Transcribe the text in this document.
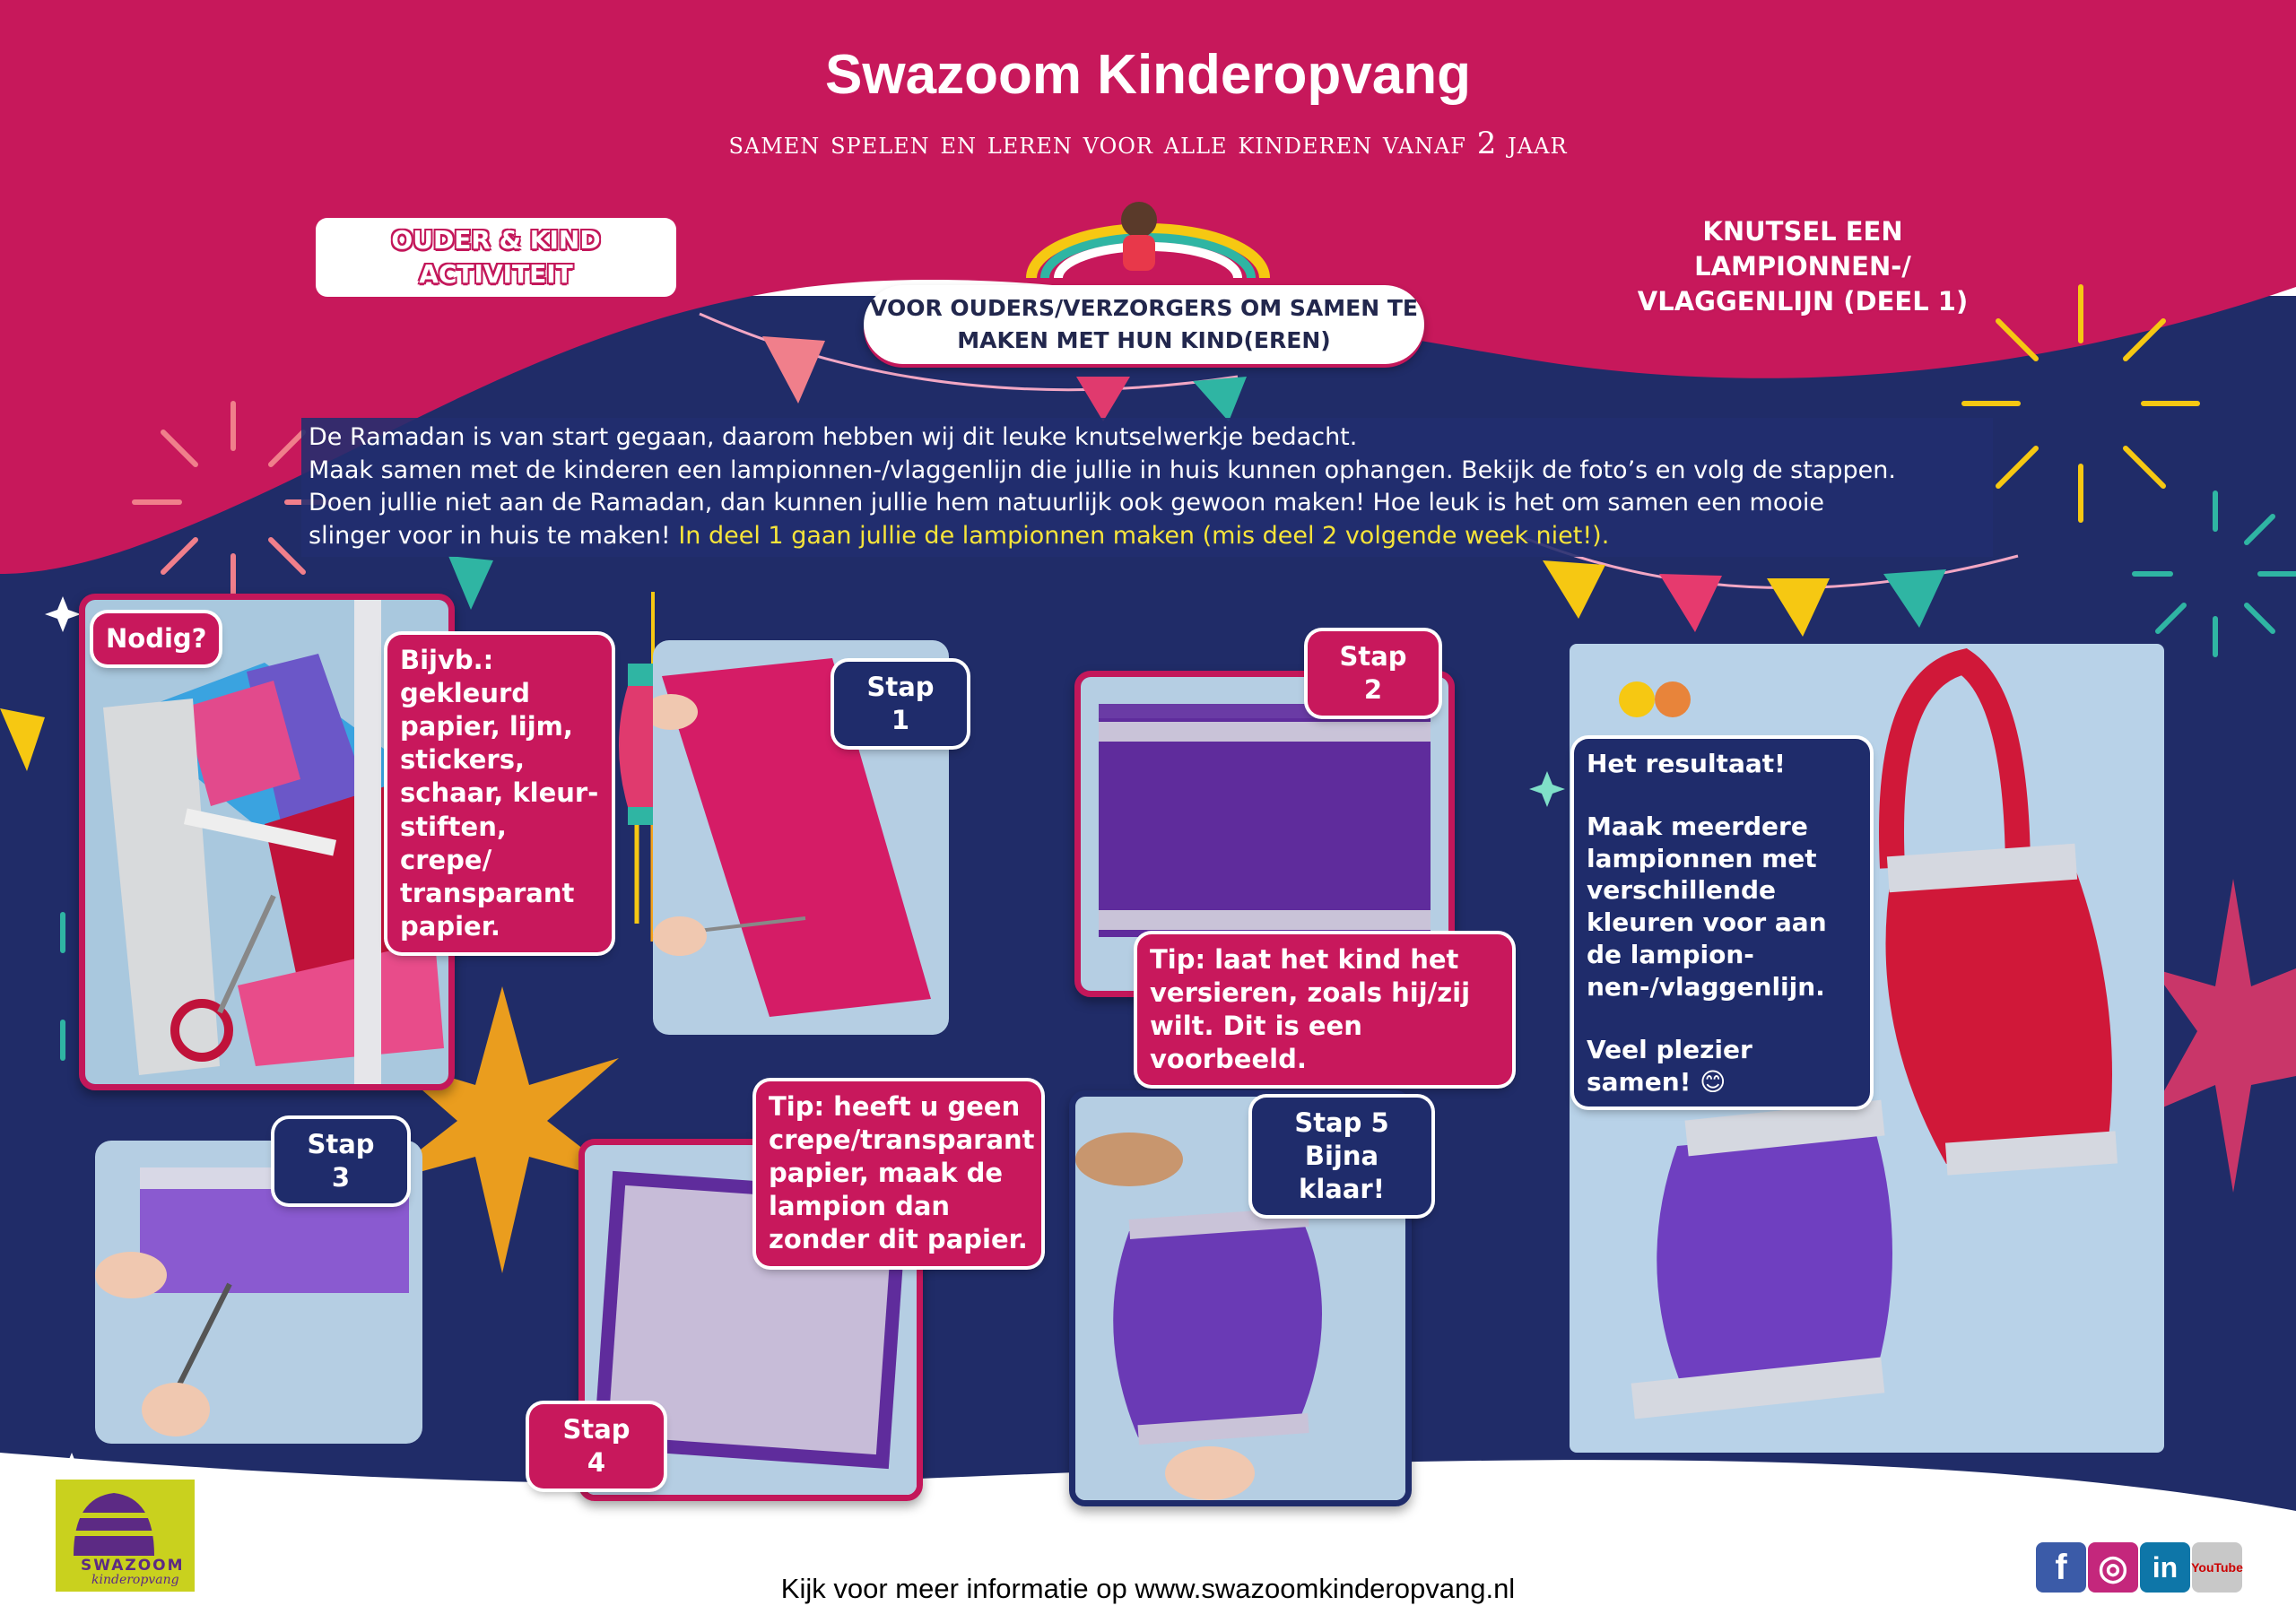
Swazoom Kinderopvang
samen spelen en leren voor alle kinderen vanaf 2 jaar
OUDER & KIND ACTIVITEIT
KNUTSEL EEN LAMPIONNEN-/ VLAGGENLIJN (DEEL 1)
VOOR OUDERS/VERZORGERS OM SAMEN TE MAKEN MET HUN KIND(EREN)
De Ramadan is van start gegaan, daarom hebben wij dit leuke knutselwerkje bedacht.
Maak samen met de kinderen een lampionnen-/vlaggenlijn die jullie in huis kunnen ophangen. Bekijk de foto’s en volg de stappen.
Doen jullie niet aan de Ramadan, dan kunnen jullie hem natuurlijk ook gewoon maken! Hoe leuk is het om samen een mooie
slinger voor in huis te maken! In deel 1 gaan jullie de lampionnen maken (mis deel 2 volgende week niet!).
Nodig?
Bijvb.: gekleurd papier, lijm, stickers, schaar, kleur-stiften, crepe/ transparant papier.
Stap
1
Stap
2
Tip: laat het kind het versieren, zoals hij/zij wilt. Dit is een voorbeeld.
Stap
3
Tip: heeft u geen crepe/transparant papier, maak de lampion dan zonder dit papier.
Stap
4
Stap 5
Bijna klaar!
Het resultaat!
Maak meerdere lampionnen met verschillende kleuren voor aan de lampion-nen-/vlaggenlijn.
Veel plezier samen! 😊
SWAZOOM
kinderopvang	Kijk voor meer informatie op www.swazoomkinderopvang.nl
f ◎ in	YouTube
